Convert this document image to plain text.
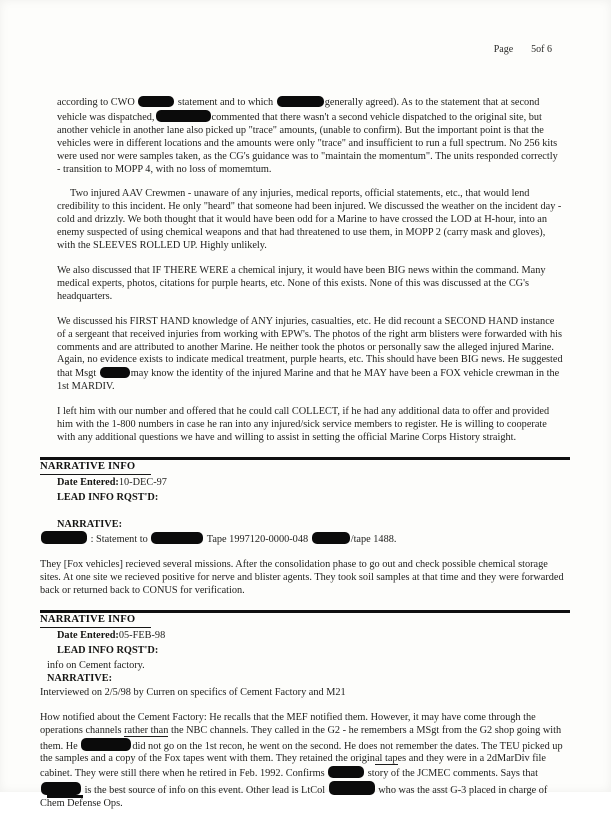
Page 5of 6

according to CWO	statement and to which	generally agreed). As to the statement that at second vehicle was dispatched,	commented that there wasn't a second vehicle dispatched to the original site, but another vehicle in another lane also picked up "trace" amounts, (unable to confirm). But the important point is that the vehicles were in different locations and the amounts were only "trace" and insufficient to run a full spectrum. No 256 kits were used nor were samples taken, as the CG's guidance was to "maintain the momentum". The units responded correctly - transition to MOPP 4, with no loss of momemtum.

Two injured AAV Crewmen - unaware of any injuries, medical reports, official statements, etc., that would lend credibility to this incident. He only "heard" that someone had been injured. We discussed the weather on the incident day - cold and drizzly. We both thought that it would have been odd for a Marine to have crossed the LOD at H-hour, into an enemy suspected of using chemical weapons and that had threatened to use them, in MOPP 2 (carry mask and gloves), with the SLEEVES ROLLED UP. Highly unlikely.

We also discussed that IF THERE WERE a chemical injury, it would have been BIG news within the command. Many medical experts, photos, citations for purple hearts, etc. None of this exists. None of this was discussed at the CG's headquarters.

We discussed his FIRST HAND knowledge of ANY injuries, casualties, etc. He did recount a SECOND HAND instance of a sergeant that received injuries from working with EPW's. The photos of the right arm blisters were forwarded with his comments and are attributed to another Marine. He neither took the photos or personally saw the alleged injured Marine. Again, no evidence exists to indicate medical treatment, purple hearts, etc. This should have been BIG news. He suggested that Msgt	may know the identity of the injured Marine and that he MAY have been a FOX vehicle crewman in the 1st MARDIV.

I left him with our number and offered that he could call COLLECT, if he had any additional data to offer and provided him with the 1-800 numbers in case he ran into any injured/sick service members to register. He is willing to cooperate with any additional questions we have and willing to assist in setting the official Marine Corps History straight.

NARRATIVE INFO
Date Entered:10-DEC-97
LEAD INFO RQST'D:
NARRATIVE:

: Statement to	Tape 1997120-0000-048	/tape 1488.

They [Fox vehicles] recieved several missions. After the consolidation phase to go out and check possible chemical storage sites. At one site we recieved positive for nerve and blister agents. They took soil samples at that time and they were forwarded back or returned back to CONUS for verification.

NARRATIVE INFO
Date Entered:05-FEB-98
LEAD INFO RQST'D:
info on Cement factory.
NARRATIVE:

Interviewed on 2/5/98 by Curren on specifics of Cement Factory and M21

How notified about the Cement Factory: He recalls that the MEF notified them. However, it may have come through the operations channels rather than the NBC channels. They called in the G2 - he remembers a MSgt from the G2 shop going with them. He	did not go on the 1st recon, he went on the second. He does not remember the dates. The TEU picked up the samples and a copy of the Fox tapes went with them. They retained the original tapes and they were in a 2dMarDiv file cabinet. They were still there when he retired in Feb. 1992. Confirms	story of the JCMEC comments. Says that  is the best source of info on this event. Other lead is LtCol	who was the asst G-3 placed in charge of Chem Defense Ops.
